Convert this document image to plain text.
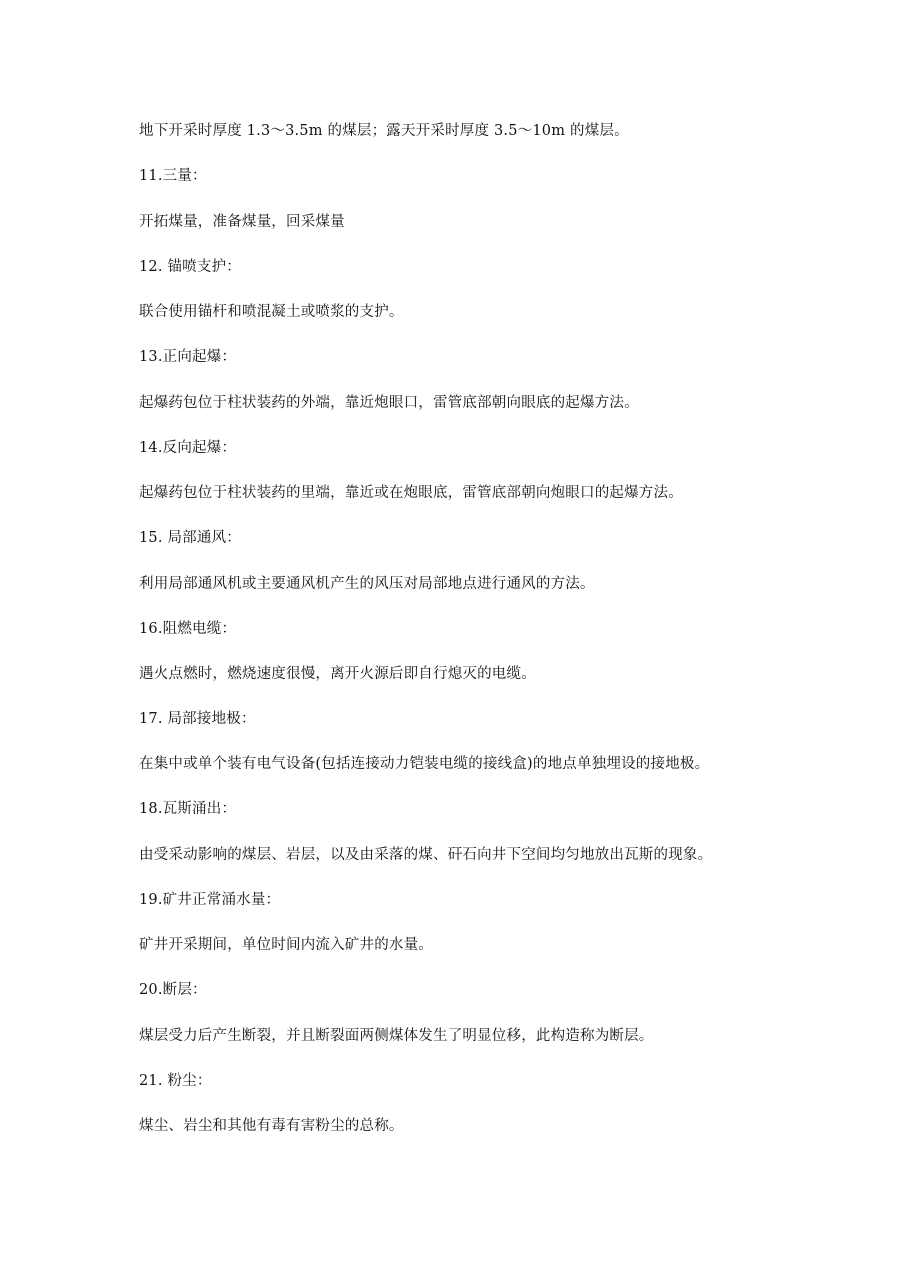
地下开采时厚度 1.3～3.5m 的煤层；露天开采时厚度 3.5～10m 的煤层。
11.三量：
开拓煤量，准备煤量，回采煤量
12. 锚喷支护：
联合使用锚杆和喷混凝土或喷浆的支护。
13.正向起爆：
起爆药包位于柱状装药的外端，靠近炮眼口，雷管底部朝向眼底的起爆方法。
14.反向起爆：
起爆药包位于柱状装药的里端，靠近或在炮眼底，雷管底部朝向炮眼口的起爆方法。
15. 局部通风：
利用局部通风机或主要通风机产生的风压对局部地点进行通风的方法。
16.阻燃电缆：
遇火点燃时，燃烧速度很慢，离开火源后即自行熄灭的电缆。
17. 局部接地极：
在集中或单个装有电气设备(包括连接动力铠装电缆的接线盒)的地点单独埋设的接地极。
18.瓦斯涌出：
由受采动影响的煤层、岩层，以及由采落的煤、矸石向井下空间均匀地放出瓦斯的现象。
19.矿井正常涌水量：
矿井开采期间，单位时间内流入矿井的水量。
20.断层：
煤层受力后产生断裂，并且断裂面两侧煤体发生了明显位移，此构造称为断层。
21. 粉尘：
煤尘、岩尘和其他有毒有害粉尘的总称。
